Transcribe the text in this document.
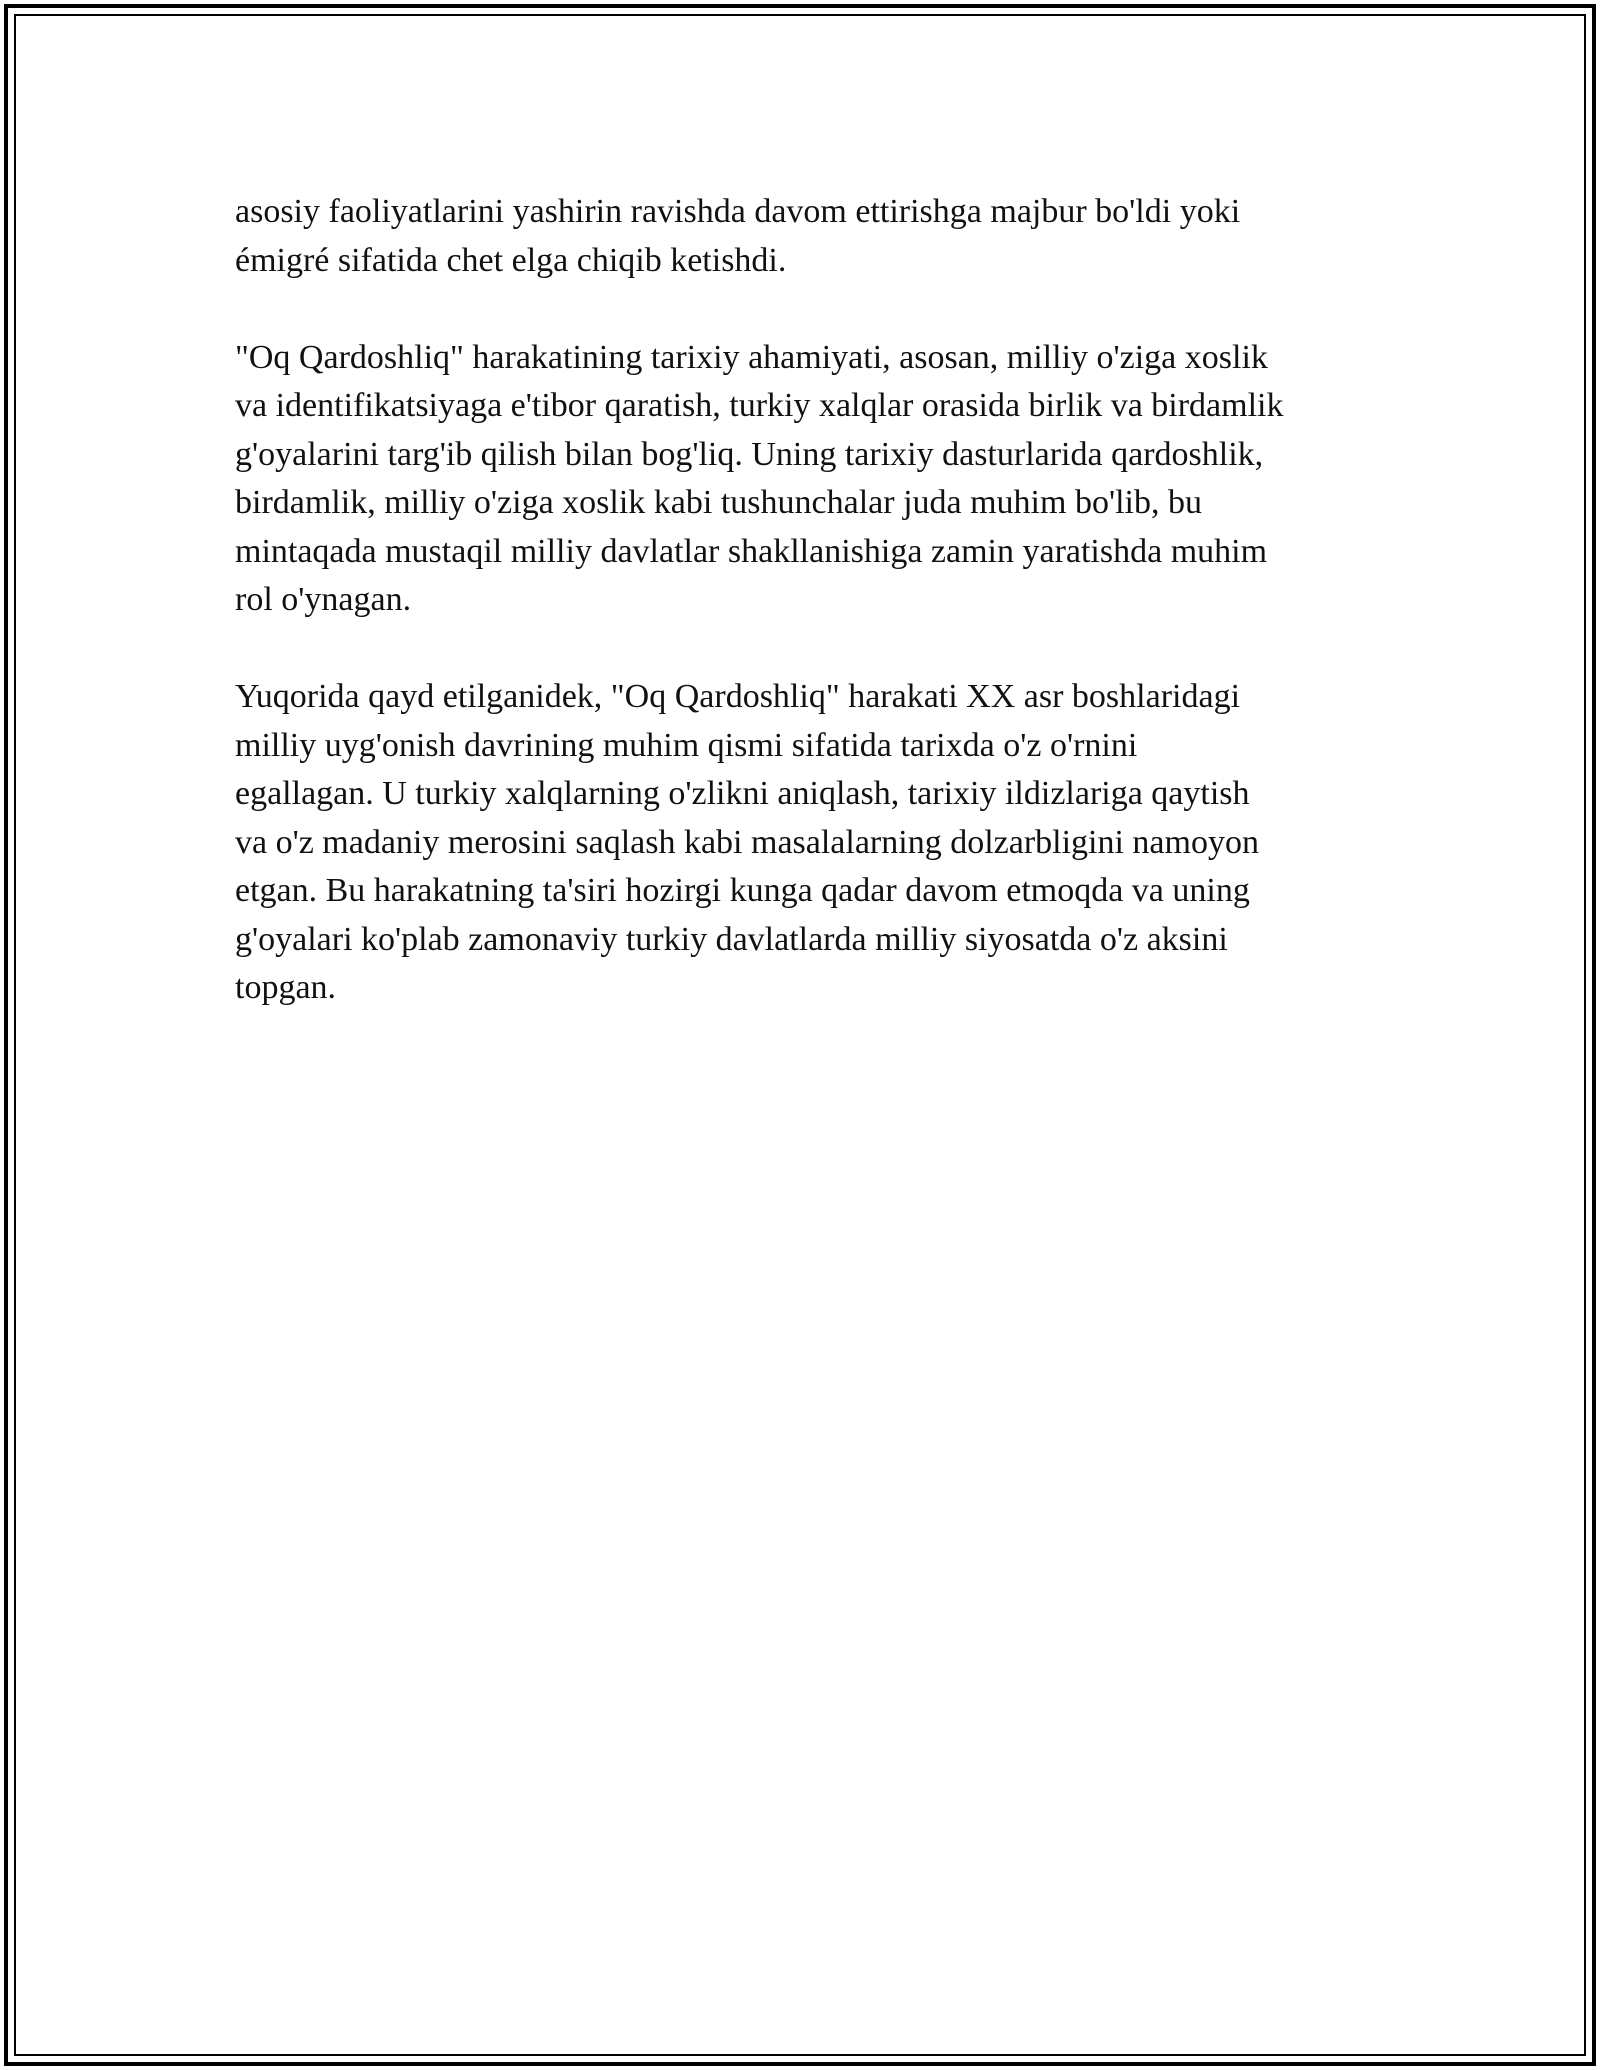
asosiy faoliyatlarini yashirin ravishda davom ettirishga majbur bo'ldi yoki
émigré sifatida chet elga chiqib ketishdi.

"Oq Qardoshliq" harakatining tarixiy ahamiyati, asosan, milliy o'ziga xoslik
va identifikatsiyaga e'tibor qaratish, turkiy xalqlar orasida birlik va birdamlik
g'oyalarini targ'ib qilish bilan bog'liq. Uning tarixiy dasturlarida qardoshlik,
birdamlik, milliy o'ziga xoslik kabi tushunchalar juda muhim bo'lib, bu
mintaqada mustaqil milliy davlatlar shakllanishiga zamin yaratishda muhim
rol o'ynagan.

Yuqorida qayd etilganidek, "Oq Qardoshliq" harakati XX asr boshlaridagi
milliy uyg'onish davrining muhim qismi sifatida tarixda o'z o'rnini
egallagan. U turkiy xalqlarning o'zlikni aniqlash, tarixiy ildizlariga qaytish
va o'z madaniy merosini saqlash kabi masalalarning dolzarbligini namoyon
etgan. Bu harakatning ta'siri hozirgi kunga qadar davom etmoqda va uning
g'oyalari ko'plab zamonaviy turkiy davlatlarda milliy siyosatda o'z aksini
topgan.
